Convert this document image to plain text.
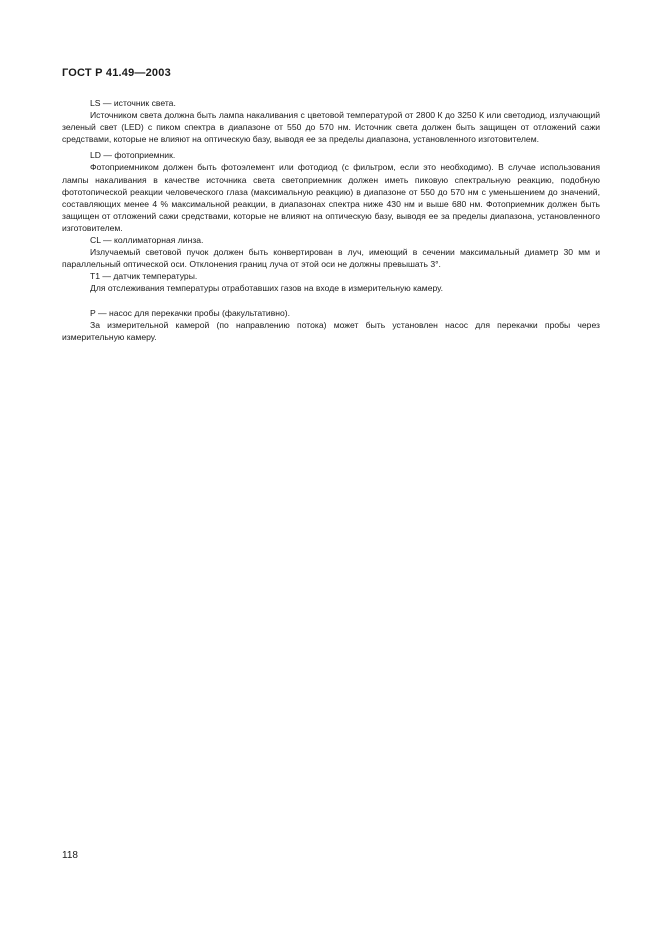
ГОСТ Р 41.49—2003

LS — источник света.

Источником света должна быть лампа накаливания с цветовой температурой от 2800 К до 3250 К или светодиод, излучающий зеленый свет (LED) с пиком спектра в диапазоне от 550 до 570 нм. Источник света должен быть защищен от отложений сажи средствами, которые не влияют на оптическую базу, выводя ее за пределы диапазона, установленного изготовителем.

LD — фотоприемник.

Фотоприемником должен быть фотоэлемент или фотодиод (с фильтром, если это необходимо). В случае использования лампы накаливания в качестве источника света светоприемник должен иметь пиковую спектральную реакцию, подобную фототопической реакции человеческого глаза (максимальную реакцию) в диапазоне от 550 до 570 нм с уменьшением до значений, составляющих менее 4 % максимальной реакции, в диапазонах спектра ниже 430 нм и выше 680 нм. Фотоприемник должен быть защищен от отложений сажи средствами, которые не влияют на оптическую базу, выводя ее за пределы диапазона, установленного изготовителем.

CL — коллиматорная линза.

Излучаемый световой пучок должен быть конвертирован в луч, имеющий в сечении максимальный диаметр 30 мм и параллельный оптической оси. Отклонения границ луча от этой оси не должны превышать 3°.

T1 — датчик температуры.

Для отслеживания температуры отработавших газов на входе в измерительную камеру.

P — насос для перекачки пробы (факультативно).

За измерительной камерой (по направлению потока) может быть установлен насос для перекачки пробы через измерительную камеру.

118
